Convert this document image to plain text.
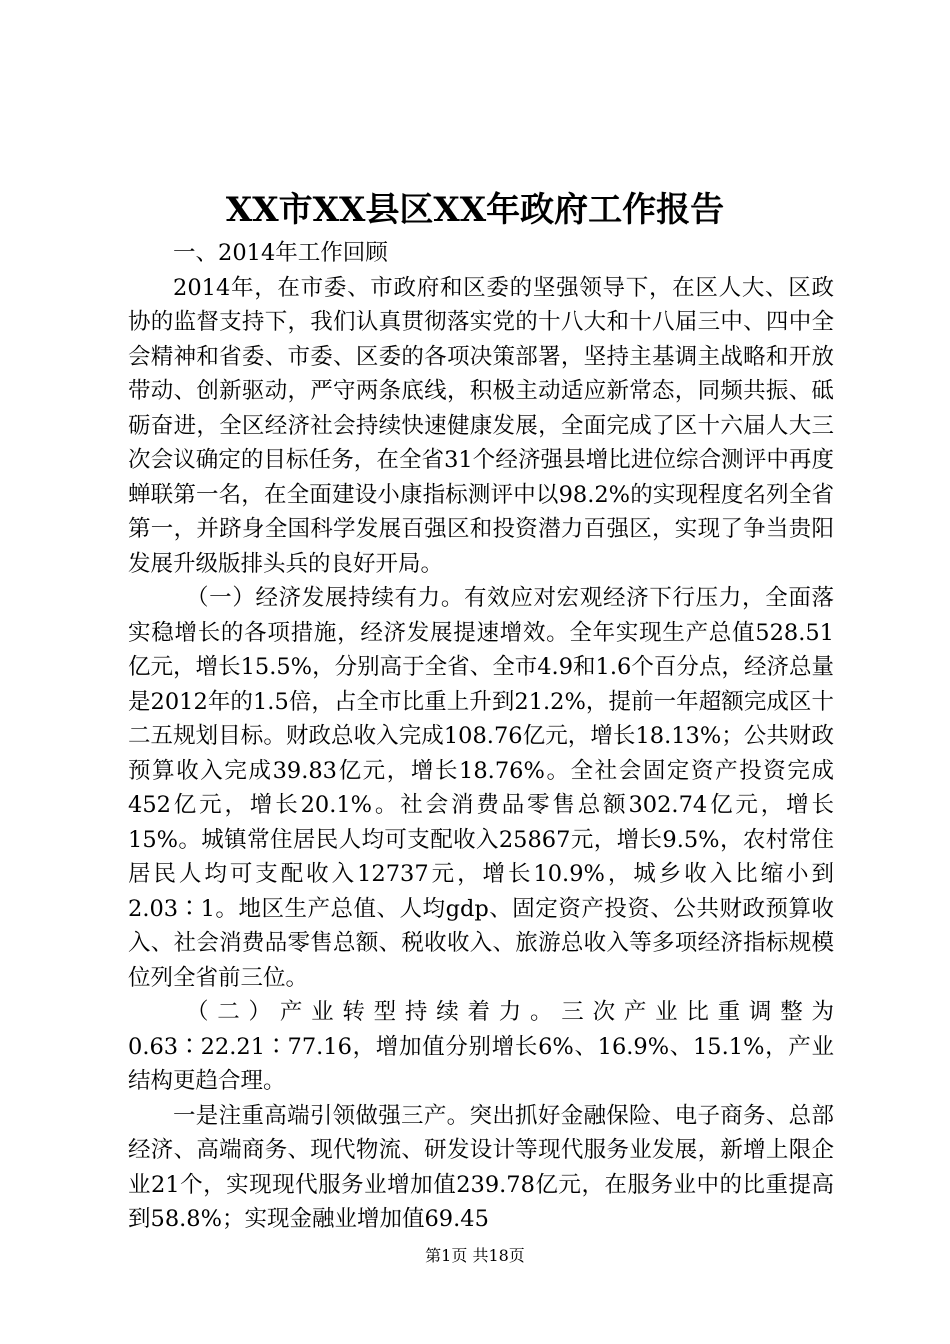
XX市XX县区XX年政府工作报告

一、2014年工作回顾

2014年，在市委、市政府和区委的坚强领导下，在区人大、区政协的监督支持下，我们认真贯彻落实党的十八大和十八届三中、四中全会精神和省委、市委、区委的各项决策部署，坚持主基调主战略和开放带动、创新驱动，严守两条底线，积极主动适应新常态，同频共振、砥砺奋进，全区经济社会持续快速健康发展，全面完成了区十六届人大三次会议确定的目标任务，在全省31个经济强县增比进位综合测评中再度蝉联第一名，在全面建设小康指标测评中以98.2%的实现程度名列全省第一，并跻身全国科学发展百强区和投资潜力百强区，实现了争当贵阳发展升级版排头兵的良好开局。

（一）经济发展持续有力。有效应对宏观经济下行压力，全面落实稳增长的各项措施，经济发展提速增效。全年实现生产总值528.51亿元，增长15.5%，分别高于全省、全市4.9和1.6个百分点，经济总量是2012年的1.5倍，占全市比重上升到21.2%，提前一年超额完成区十二五规划目标。财政总收入完成108.76亿元，增长18.13%；公共财政预算收入完成39.83亿元，增长18.76%。全社会固定资产投资完成452亿元，增长20.1%。社会消费品零售总额302.74亿元，增长15%。城镇常住居民人均可支配收入25867元，增长9.5%，农村常住居民人均可支配收入12737元，增长10.9%，城乡收入比缩小到2.03∶1。地区生产总值、人均gdp、固定资产投资、公共财政预算收入、社会消费品零售总额、税收收入、旅游总收入等多项经济指标规模位列全省前三位。

（二）产业转型持续着力。三次产业比重调整为0.63∶22.21∶77.16，增加值分别增长6%、16.9%、15.1%，产业结构更趋合理。

一是注重高端引领做强三产。突出抓好金融保险、电子商务、总部经济、高端商务、现代物流、研发设计等现代服务业发展，新增上限企业21个，实现现代服务业增加值239.78亿元，在服务业中的比重提高到58.8%；实现金融业增加值69.45

第1页 共18页
